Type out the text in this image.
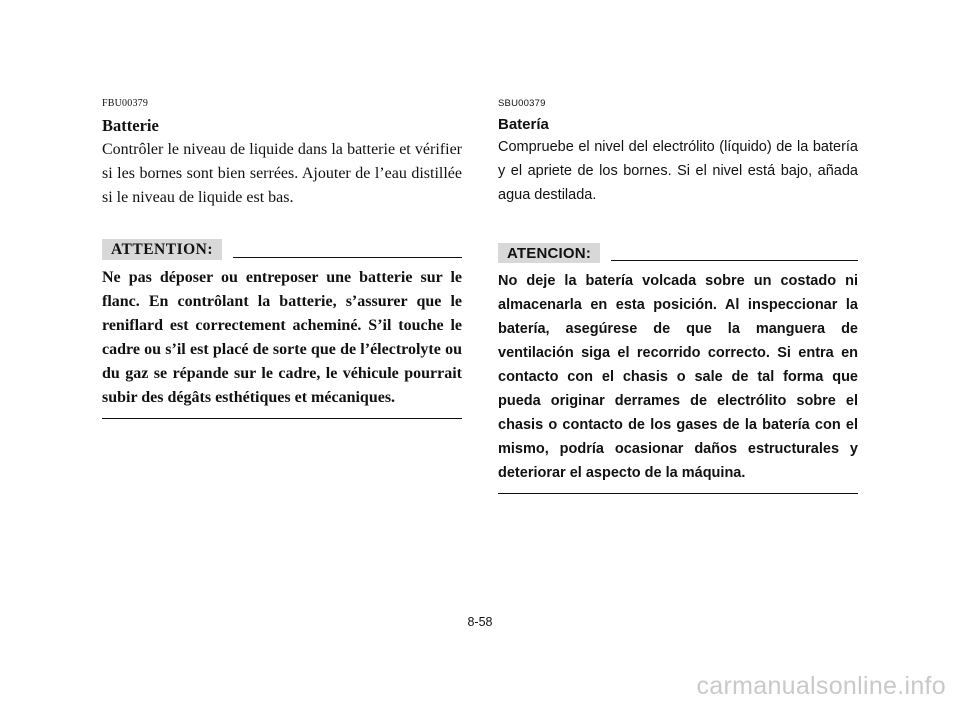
FBU00379
Batterie

Contrôler le niveau de liquide dans la batterie et vérifier si les bornes sont bien serrées. Ajouter de l’eau distillée si le niveau de liquide est bas.

ATTENTION:

Ne pas déposer ou entreposer une batterie sur le flanc. En contrôlant la batterie, s’assurer que le reniflard est correctement acheminé. S’il touche le cadre ou s’il est placé de sorte que de l’électrolyte ou du gaz se répande sur le cadre, le véhicule pourrait subir des dégâts esthétiques et mécaniques.

SBU00379
Batería

Compruebe el nivel del electrólito (líquido) de la batería y el apriete de los bornes. Si el nivel está bajo, añada agua destilada.

ATENCION:

No deje la batería volcada sobre un costado ni almacenarla en esta posición. Al inspeccionar la batería, asegúrese de que la manguera de ventilación siga el recorrido correcto. Si entra en contacto con el chasis o sale de tal forma que pueda originar derrames de electrólito sobre el chasis o contacto de los gases de la batería con el mismo, podría ocasionar daños estructurales y deteriorar el aspecto de la máquina.

8-58
carmanualsonline.info
